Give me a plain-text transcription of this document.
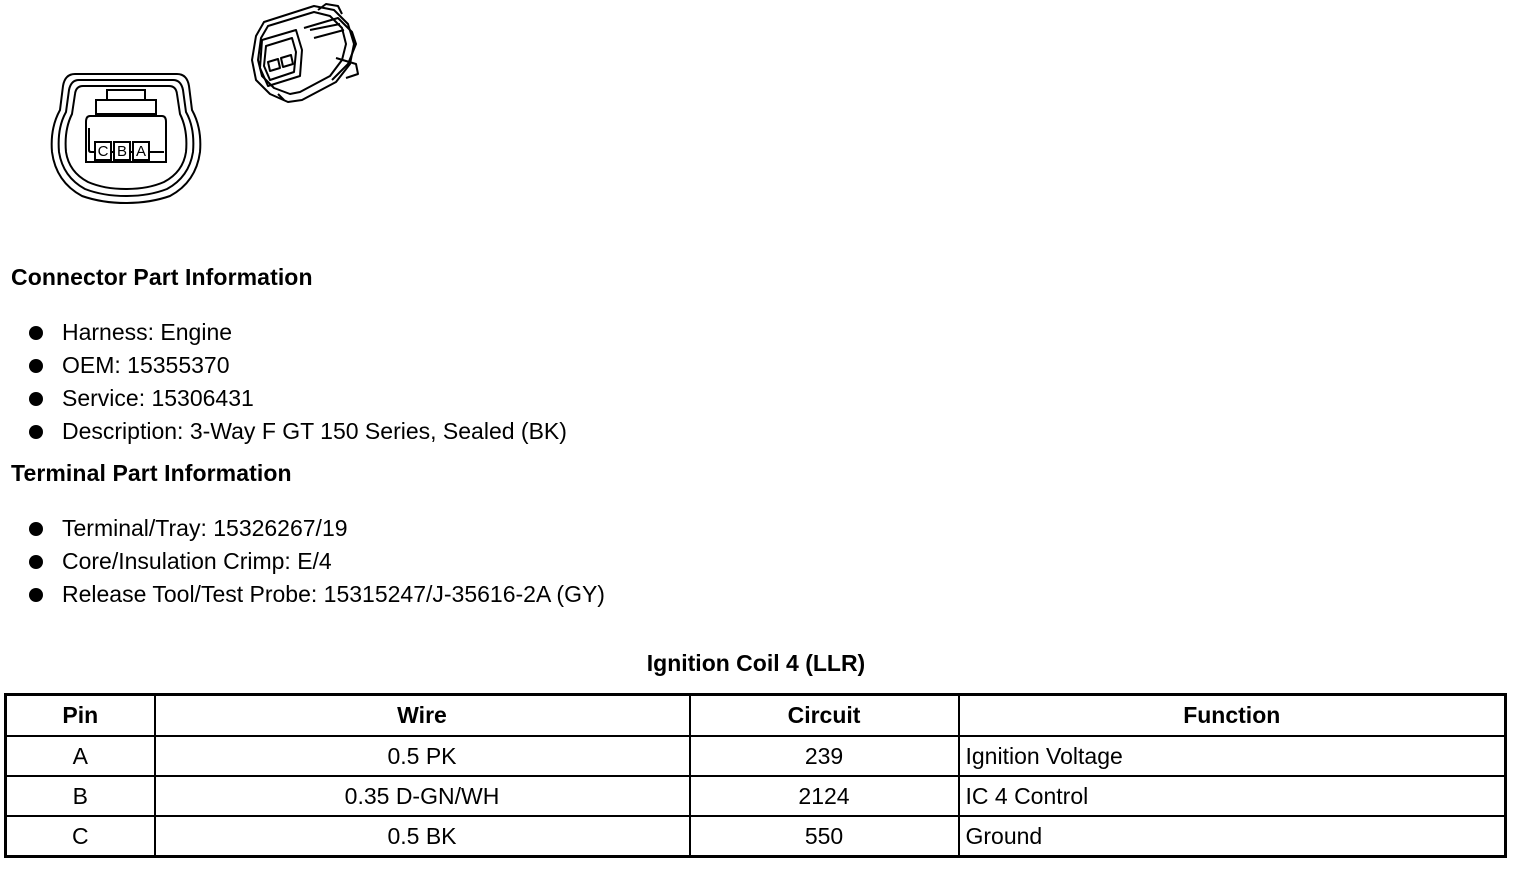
C B A
Connector Part Information
Harness: Engine
OEM: 15355370
Service: 15306431
Description: 3-Way F GT 150 Series, Sealed (BK)
Terminal Part Information
Terminal/Tray: 15326267/19
Core/Insulation Crimp: E/4
Release Tool/Test Probe: 15315247/J-35616-2A (GY)
Ignition Coil 4 (LLR)
Pin	Wire	Circuit	Function
A	0.5 PK	239	Ignition Voltage
B	0.35 D-GN/WH	2124	IC 4 Control
C	0.5 BK	550	Ground
